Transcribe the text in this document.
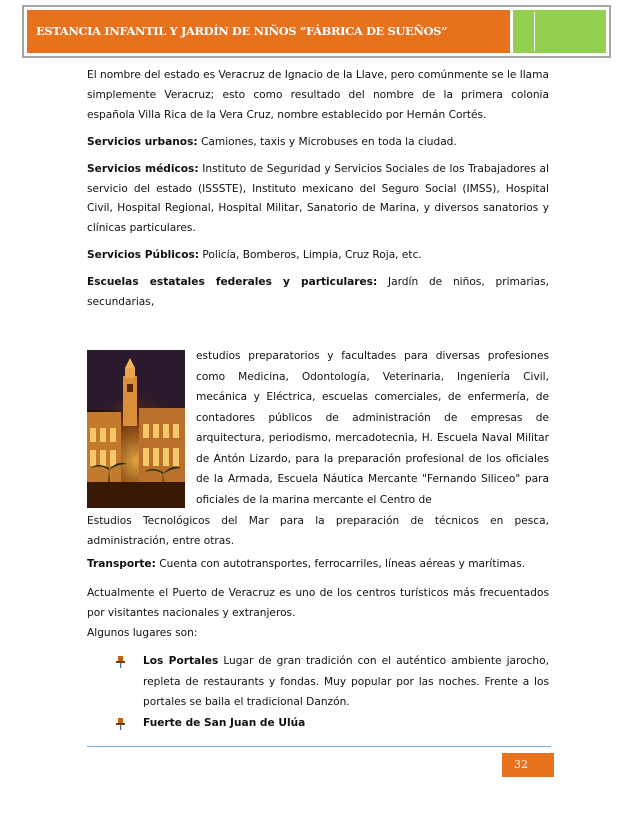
ESTANCIA INFANTIL Y JARDÍN DE NIÑOS “FÁBRICA DE SUEÑOS”

El nombre del estado es Veracruz de Ignacio de la Llave, pero comúnmente se le llama simplemente Veracruz; esto como resultado del nombre de la primera colonia española Villa Rica de la Vera Cruz, nombre establecido por Hernán Cortés.

Servicios urbanos: Camiones, taxis y Microbuses en toda la ciudad.

Servicios médicos: Instituto de Seguridad y Servicios Sociales de los Trabajadores al servicio del estado (ISSSTE), Instituto mexicano del Seguro Social (IMSS), Hospital Civil, Hospital Regional, Hospital Militar, Sanatorio de Marina, y diversos sanatorios y clínicas particulares.

Servicios Públicos: Policía, Bomberos, Limpia, Cruz Roja, etc.

Escuelas estatales federales y particulares: Jardín de niños, primarias, secundarias,

estudios preparatorios y facultades para diversas profesiones como Medicina, Odontología, Veterinaria, Ingeniería Civil, mecánica y Eléctrica, escuelas comerciales, de enfermería, de contadores públicos de administración de empresas de arquitectura, periodismo, mercadotecnia, H. Escuela Naval Militar de Antón Lizardo, para la preparación profesional de los oficiales de la Armada, Escuela Náutica Mercante "Fernando Siliceo" para oficiales de la marina mercante el Centro de

Estudios Tecnológicos del Mar para la preparación de técnicos en pesca, administración, entre otras.

Transporte: Cuenta con autotransportes, ferrocarriles, líneas aéreas y marítimas.

Actualmente el Puerto de Veracruz es uno de los centros turísticos más frecuentados por visitantes nacionales y extranjeros.

Algunos lugares son:

Los Portales Lugar de gran tradición con el auténtico ambiente jarocho, repleta de restaurants y fondas. Muy popular por las noches. Frente a los portales se baila el tradicional Danzón.
Fuerte de San Juan de Ulúa
32
